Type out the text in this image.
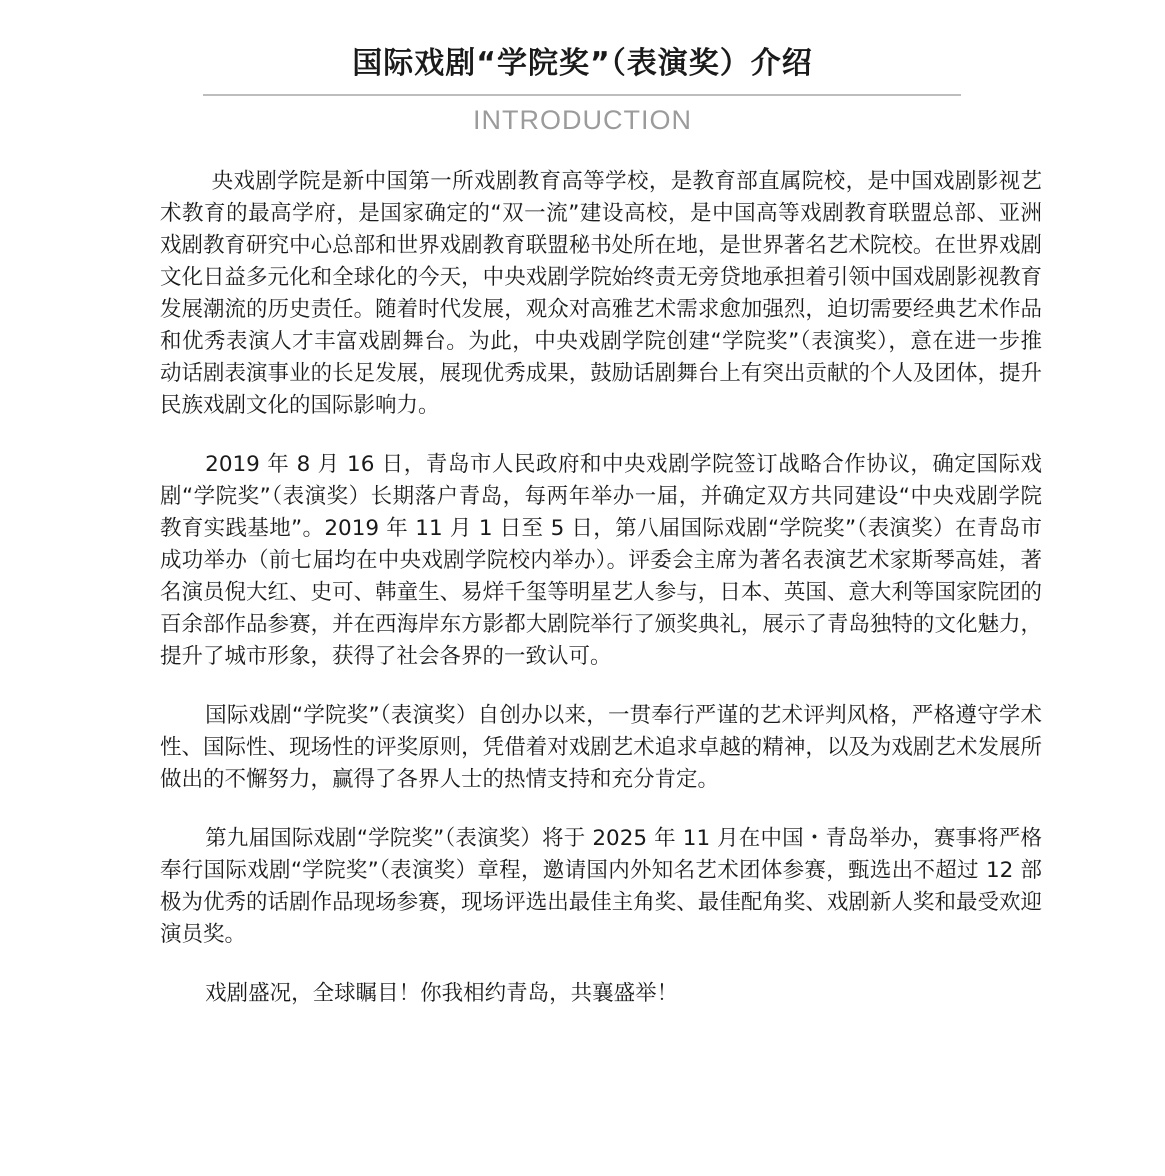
国际戏剧“学院奖”（表演奖）介绍
INTRODUCTION

央戏剧学院是新中国第一所戏剧教育高等学校，是教育部直属院校，是中国戏剧影视艺术教育的最高学府，是国家确定的“双一流”建设高校，是中国高等戏剧教育联盟总部、亚洲戏剧教育研究中心总部和世界戏剧教育联盟秘书处所在地，是世界著名艺术院校。在世界戏剧文化日益多元化和全球化的今天，中央戏剧学院始终责无旁贷地承担着引领中国戏剧影视教育发展潮流的历史责任。随着时代发展，观众对高雅艺术需求愈加强烈，迫切需要经典艺术作品和优秀表演人才丰富戏剧舞台。为此，中央戏剧学院创建“学院奖”（表演奖），意在进一步推动话剧表演事业的长足发展，展现优秀成果，鼓励话剧舞台上有突出贡献的个人及团体，提升民族戏剧文化的国际影响力。

2019 年 8 月 16 日，青岛市人民政府和中央戏剧学院签订战略合作协议，确定国际戏剧“学院奖”（表演奖）长期落户青岛，每两年举办一届，并确定双方共同建设“中央戏剧学院教育实践基地”。2019 年 11 月 1 日至 5 日，第八届国际戏剧“学院奖”（表演奖）在青岛市成功举办（前七届均在中央戏剧学院校内举办）。评委会主席为著名表演艺术家斯琴高娃，著名演员倪大红、史可、韩童生、易烊千玺等明星艺人参与，日本、英国、意大利等国家院团的百余部作品参赛，并在西海岸东方影都大剧院举行了颁奖典礼，展示了青岛独特的文化魅力，提升了城市形象，获得了社会各界的一致认可。

国际戏剧“学院奖”（表演奖）自创办以来，一贯奉行严谨的艺术评判风格，严格遵守学术性、国际性、现场性的评奖原则，凭借着对戏剧艺术追求卓越的精神，以及为戏剧艺术发展所做出的不懈努力，赢得了各界人士的热情支持和充分肯定。

第九届国际戏剧“学院奖”（表演奖）将于 2025 年 11 月在中国・青岛举办，赛事将严格奉行国际戏剧“学院奖”（表演奖）章程，邀请国内外知名艺术团体参赛，甄选出不超过 12 部极为优秀的话剧作品现场参赛，现场评选出最佳主角奖、最佳配角奖、戏剧新人奖和最受欢迎演员奖。

戏剧盛况，全球瞩目！你我相约青岛，共襄盛举！
